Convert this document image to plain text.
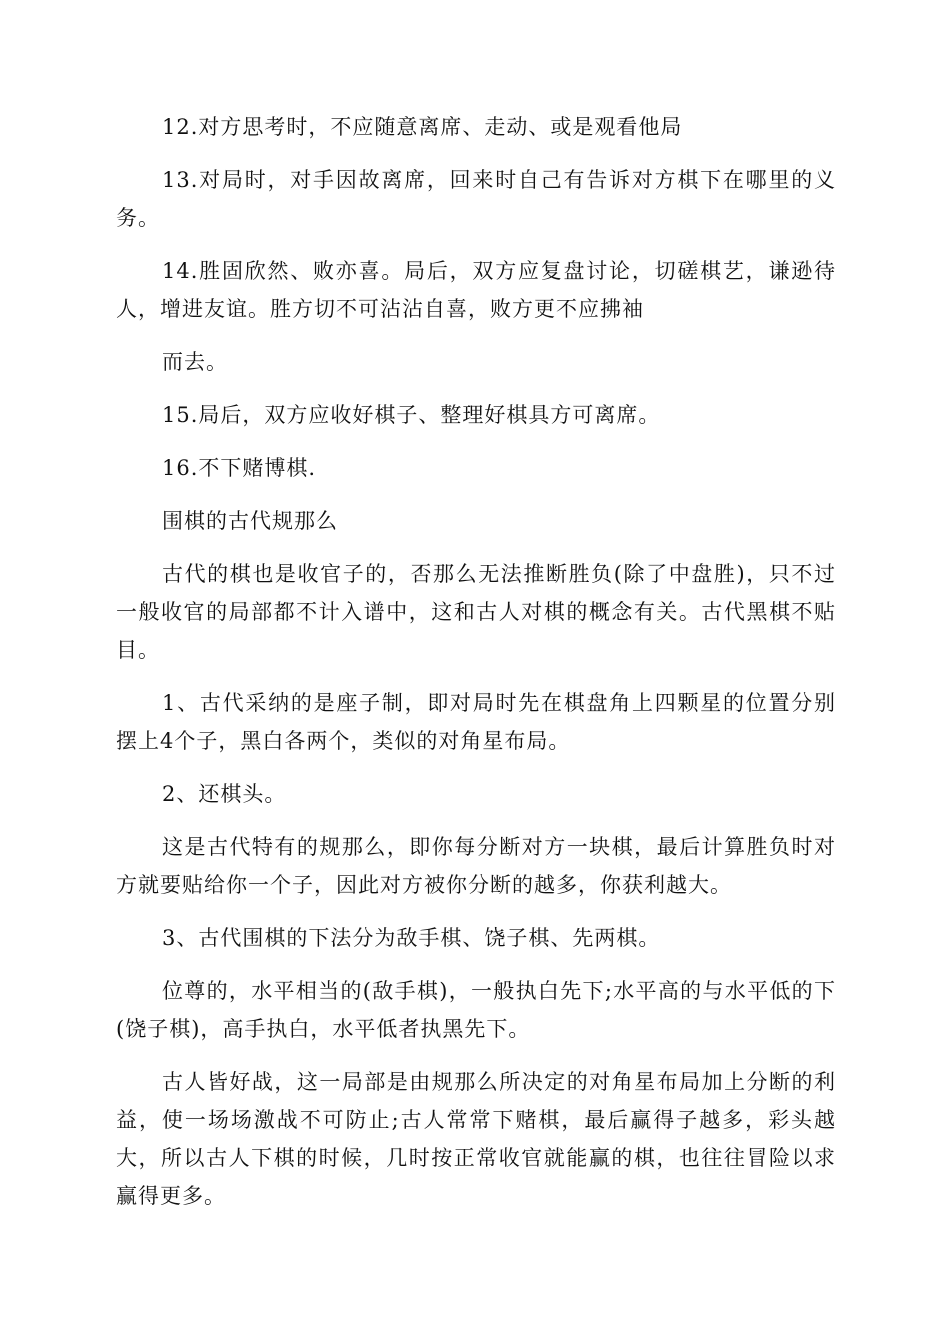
12.对方思考时，不应随意离席、走动、或是观看他局

13.对局时，对手因故离席，回来时自己有告诉对方棋下在哪里的义务。

14.胜固欣然、败亦喜。局后，双方应复盘讨论，切磋棋艺，谦逊待人，增进友谊。胜方切不可沾沾自喜，败方更不应拂袖

而去。

15.局后，双方应收好棋子、整理好棋具方可离席。

16.不下赌博棋.

围棋的古代规那么

古代的棋也是收官子的，否那么无法推断胜负(除了中盘胜)，只不过一般收官的局部都不计入谱中，这和古人对棋的概念有关。古代黑棋不贴目。

1、古代采纳的是座子制，即对局时先在棋盘角上四颗星的位置分别摆上4个子，黑白各两个，类似的对角星布局。

2、还棋头。

这是古代特有的规那么，即你每分断对方一块棋，最后计算胜负时对方就要贴给你一个子，因此对方被你分断的越多，你获利越大。

3、古代围棋的下法分为敌手棋、饶子棋、先两棋。

位尊的，水平相当的(敌手棋)，一般执白先下;水平高的与水平低的下(饶子棋)，高手执白，水平低者执黑先下。

古人皆好战，这一局部是由规那么所决定的对角星布局加上分断的利益，使一场场激战不可防止;古人常常下赌棋，最后赢得子越多，彩头越大，所以古人下棋的时候，几时按正常收官就能赢的棋，也往往冒险以求赢得更多。
